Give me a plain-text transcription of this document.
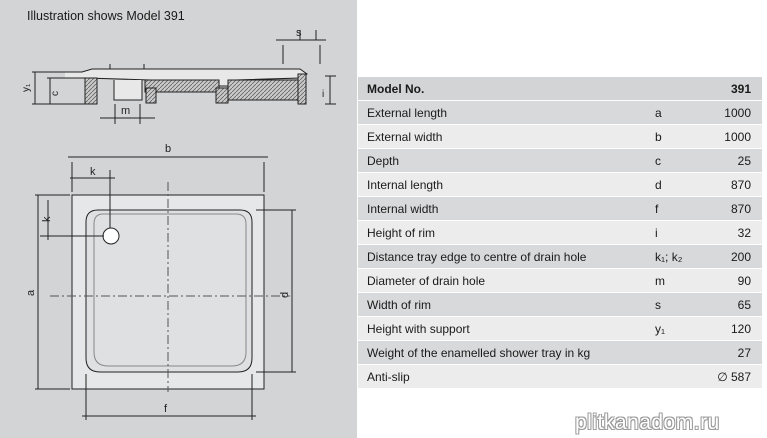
Illustration shows Model 391
s
y₁
c	i
m
b
k
k
a	d
f
Model No.		391
External length	a	1000
External width	b	1000
Depth	c	25
Internal length	d	870
Internal width	f	870
Height of rim	i	32
Distance tray edge to centre of drain hole	k₁; k₂	200
Diameter of drain hole	m	90
Width of rim	s	65
Height with support	y₁	120
Weight of the enamelled shower tray in kg		27
Anti-slip		∅ 587
plitkanadom.ru
